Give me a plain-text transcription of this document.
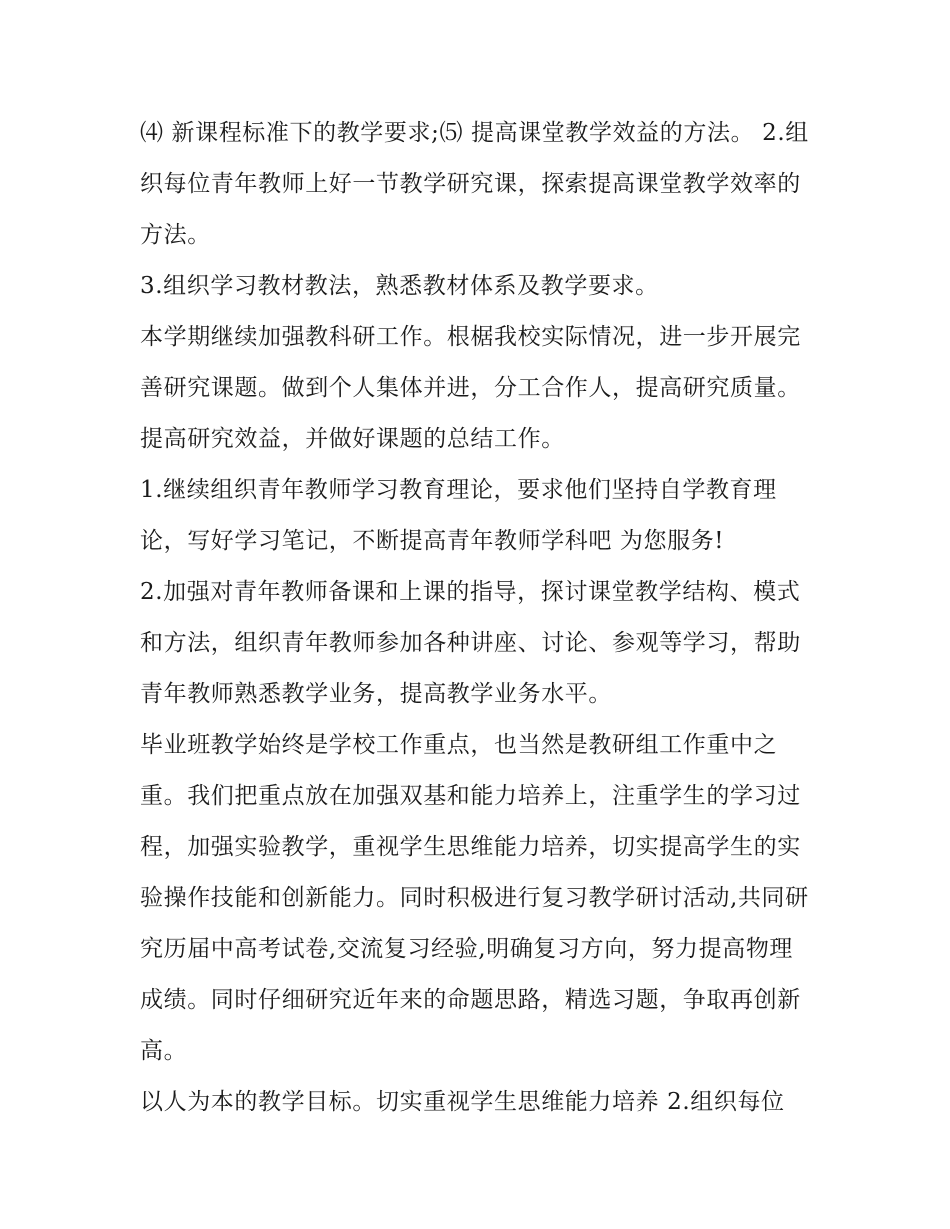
⑷ 新课程标准下的教学要求;⑸ 提高课堂教学效益的方法。 2.组织每位青年教师上好一节教学研究课，探索提高课堂教学效率的方法。

3.组织学习教材教法，熟悉教材体系及教学要求。

本学期继续加强教科研工作。根椐我校实际情况，进一步开展完善研究课题。做到个人集体并进，分工合作人，提高研究质量。提高研究效益，并做好课题的总结工作。

1.继续组织青年教师学习教育理论，要求他们坚持自学教育理论，写好学习笔记，不断提高青年教师学科吧 为您服务!

2.加强对青年教师备课和上课的指导，探讨课堂教学结构、模式和方法，组织青年教师参加各种讲座、讨论、参观等学习，帮助青年教师熟悉教学业务，提高教学业务水平。

毕业班教学始终是学校工作重点，也当然是教研组工作重中之重。我们把重点放在加强双基和能力培养上，注重学生的学习过程，加强实验教学，重视学生思维能力培养，切实提高学生的实验操作技能和创新能力。同时积极进行复习教学研讨活动,共同研究历届中高考试卷,交流复习经验,明确复习方向，努力提高物理成绩。同时仔细研究近年来的命题思路，精选习题，争取再创新高。

以人为本的教学目标。切实重视学生思维能力培养 2.组织每位
